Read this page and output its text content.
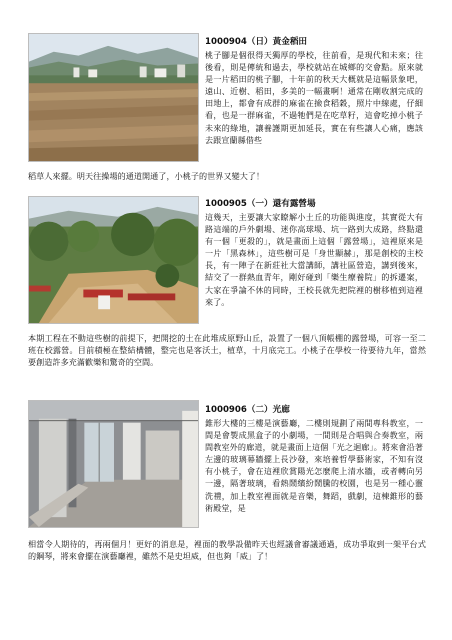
1000904（日）黃金稻田

桃子腳是個很得天獨厚的學校，往前看，是現代和未來；往後看，則是傳統和過去，學校就站在城鄉的交會點。原來就是一片稻田的桃子腳，十年前的秋天大概就是這幅景象吧，遠山、近樹、稻田，多美的一幅畫啊！通常在剛收割完成的田地上，都會有成群的麻雀在撿食稻穀，照片中線處，仔細看，也是一群麻雀，不過牠們是在吃草籽，這會吃掉小桃子未來的綠地，讓養護期更加延長，實在有些讓人心痛，應該去跟宣蘭縣借些

稻草人來擺。明天往操場的通道開通了，小桃子的世界又變大了！

1000905（一）還有露營場

這幾天，主要讓大家瞭解小土丘的功能與進度，其實從大有路這端的戶外劇場、迷你高球場、坑一路到大成路，終點還有一個「更殺的」，就是畫面上這個「露營場」，這裡原來是一片「黑森林」，這些樹可是「身世顯赫」，那是創校的主校長，有一陣子在新莊社大當講師，講社區營造，講到後來，結交了一群熱血青年，剛好碰到「樂生療養院」的拆遷案，大家在爭論不休的同時，王校長就先把院裡的樹移植到這裡來了。

本期工程在不動這些樹的前提下，把開挖的土在此堆成原野山丘，設置了一個八頂帳棚的露營場，可容一至二班在校露營。目前積極在整結構體，整完也是客沃土，植草，十月底完工。小桃子在學校一待要待九年，當然要創造許多充滿歡樂和驚奇的空間。

1000906（二）光廊

錐形大樓的三樓是演藝廳，二樓則規劃了兩間專科教室，一間是會製成黑盒子的小劇場，一間則是合唱與合奏教室，兩間教室外的廊道，就是畫面上這個「光之迴廊」。將來會沿著左邊的玻璃幕牆擺上長沙發，來培養哲學藝術家，不知有沒有小桃子，會在這裡欣賞陽光怎麼爬上清水牆，或者轉向另一邊，隔著玻璃，看熱鬧繽紛鬧騰的校園，也是另一種心靈洗禮，加上教室裡面就是音樂，舞蹈，戲劇，這棟錐形的藝術殿堂，是

相當令人期待的，再兩個月！更好的消息是，裡面的教學設備昨天也經議會審議通過，成功爭取到一架平台式的鋼琴，將來會擺在演藝廳裡，雖然不是史坦威，但也夠「威」了！
